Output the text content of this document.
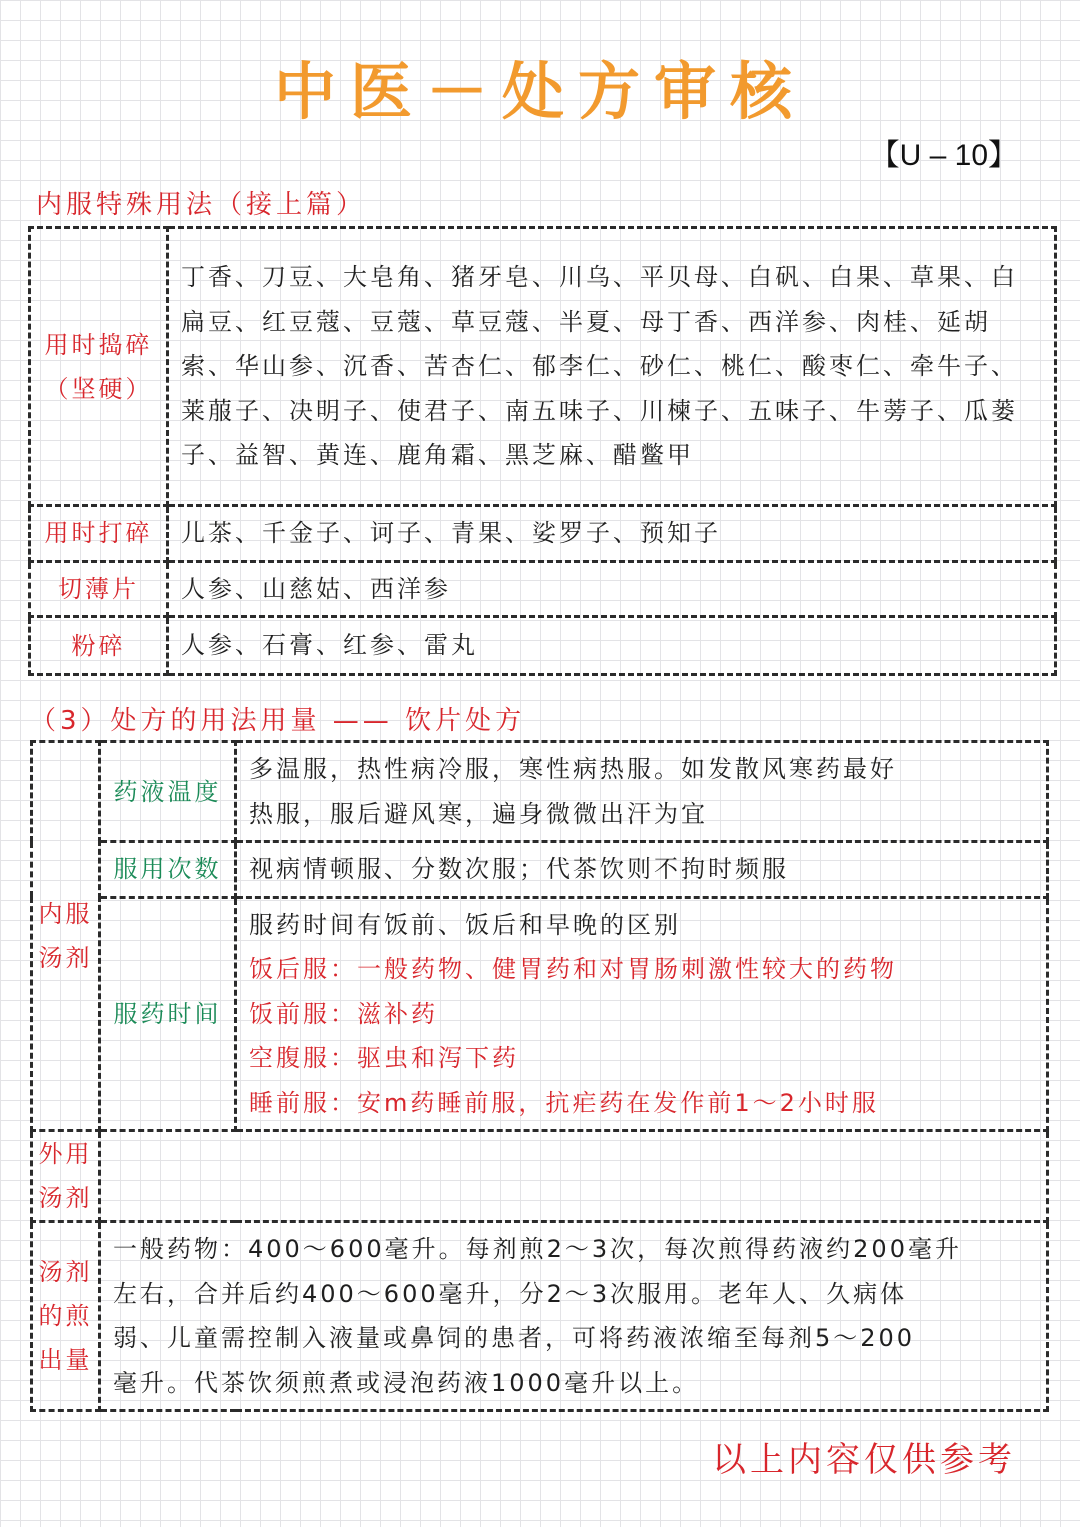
中医－处方审核
【U – 10】
内服特殊用法（接上篇）
用时捣碎
（坚硬）	丁香、刀豆、大皂角、猪牙皂、川乌、平贝母、白矾、白果、草果、白扁豆、红豆蔻、豆蔻、草豆蔻、半夏、母丁香、西洋参、肉桂、延胡索、华山参、沉香、苦杏仁、郁李仁、砂仁、桃仁、酸枣仁、牵牛子、莱菔子、决明子、使君子、南五味子、川楝子、五味子、牛蒡子、瓜蒌子、益智、黄连、鹿角霜、黑芝麻、醋鳖甲
用时打碎	儿茶、千金子、诃子、青果、娑罗子、预知子
切薄片	人参、山慈姑、西洋参
粉碎	人参、石膏、红参、雷丸
（3）处方的用法用量 —— 饮片处方
内服
汤剂	药液温度	多温服，热性病冷服，寒性病热服。如发散风寒药最好
热服，服后避风寒，遍身微微出汗为宜

	服用次数	视病情顿服、分数次服；代茶饮则不拘时频服
	服药时间	服药时间有饭前、饭后和早晚的区别
饭后服：一般药物、健胃药和对胃肠刺激性较大的药物
饭前服：滋补药
空腹服：驱虫和泻下药
睡前服：安m药睡前服，抗疟药在发作前1～2小时服

外用
汤剂		

汤剂
的煎
出量	一般药物：400～600毫升。每剂煎2～3次，每次煎得药液约200毫升
左右，合并后约400～600毫升，分2～3次服用。老年人、久病体
弱、儿童需控制入液量或鼻饲的患者，可将药液浓缩至每剂5～200
毫升。代茶饮须煎煮或浸泡药液1000毫升以上。	
以上内容仅供参考
